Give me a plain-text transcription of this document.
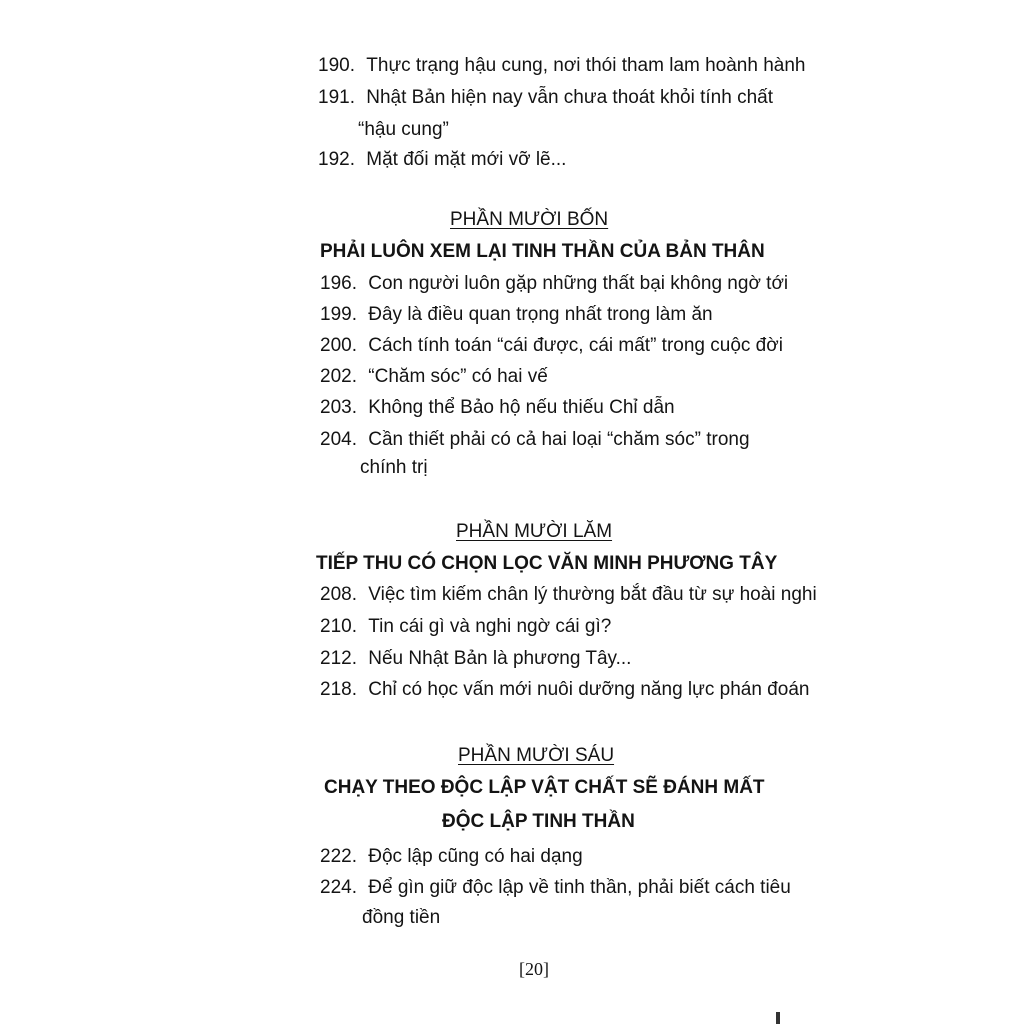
190. Thực trạng hậu cung, nơi thói tham lam hoành hành
191. Nhật Bản hiện nay vẫn chưa thoát khỏi tính chất
“hậu cung”
192. Mặt đối mặt mới vỡ lẽ...
PHẦN MƯỜI BỐN
PHẢI LUÔN XEM LẠI TINH THẦN CỦA BẢN THÂN
196. Con người luôn gặp những thất bại không ngờ tới
199. Đây là điều quan trọng nhất trong làm ăn
200. Cách tính toán “cái được, cái mất” trong cuộc đời
202. “Chăm sóc” có hai vế
203. Không thể Bảo hộ nếu thiếu Chỉ dẫn
204. Cần thiết phải có cả hai loại “chăm sóc” trong
chính trị
PHẦN MƯỜI LĂM
TIẾP THU CÓ CHỌN LỌC VĂN MINH PHƯƠNG TÂY
208. Việc tìm kiếm chân lý thường bắt đầu từ sự hoài nghi
210. Tin cái gì và nghi ngờ cái gì?
212. Nếu Nhật Bản là phương Tây...
218. Chỉ có học vấn mới nuôi dưỡng năng lực phán đoán
PHẦN MƯỜI SÁU
CHẠY THEO ĐỘC LẬP VẬT CHẤT SẼ ĐÁNH MẤT
ĐỘC LẬP TINH THẦN
222. Độc lập cũng có hai dạng
224. Để gìn giữ độc lập về tinh thần, phải biết cách tiêu
đồng tiền
[20]
